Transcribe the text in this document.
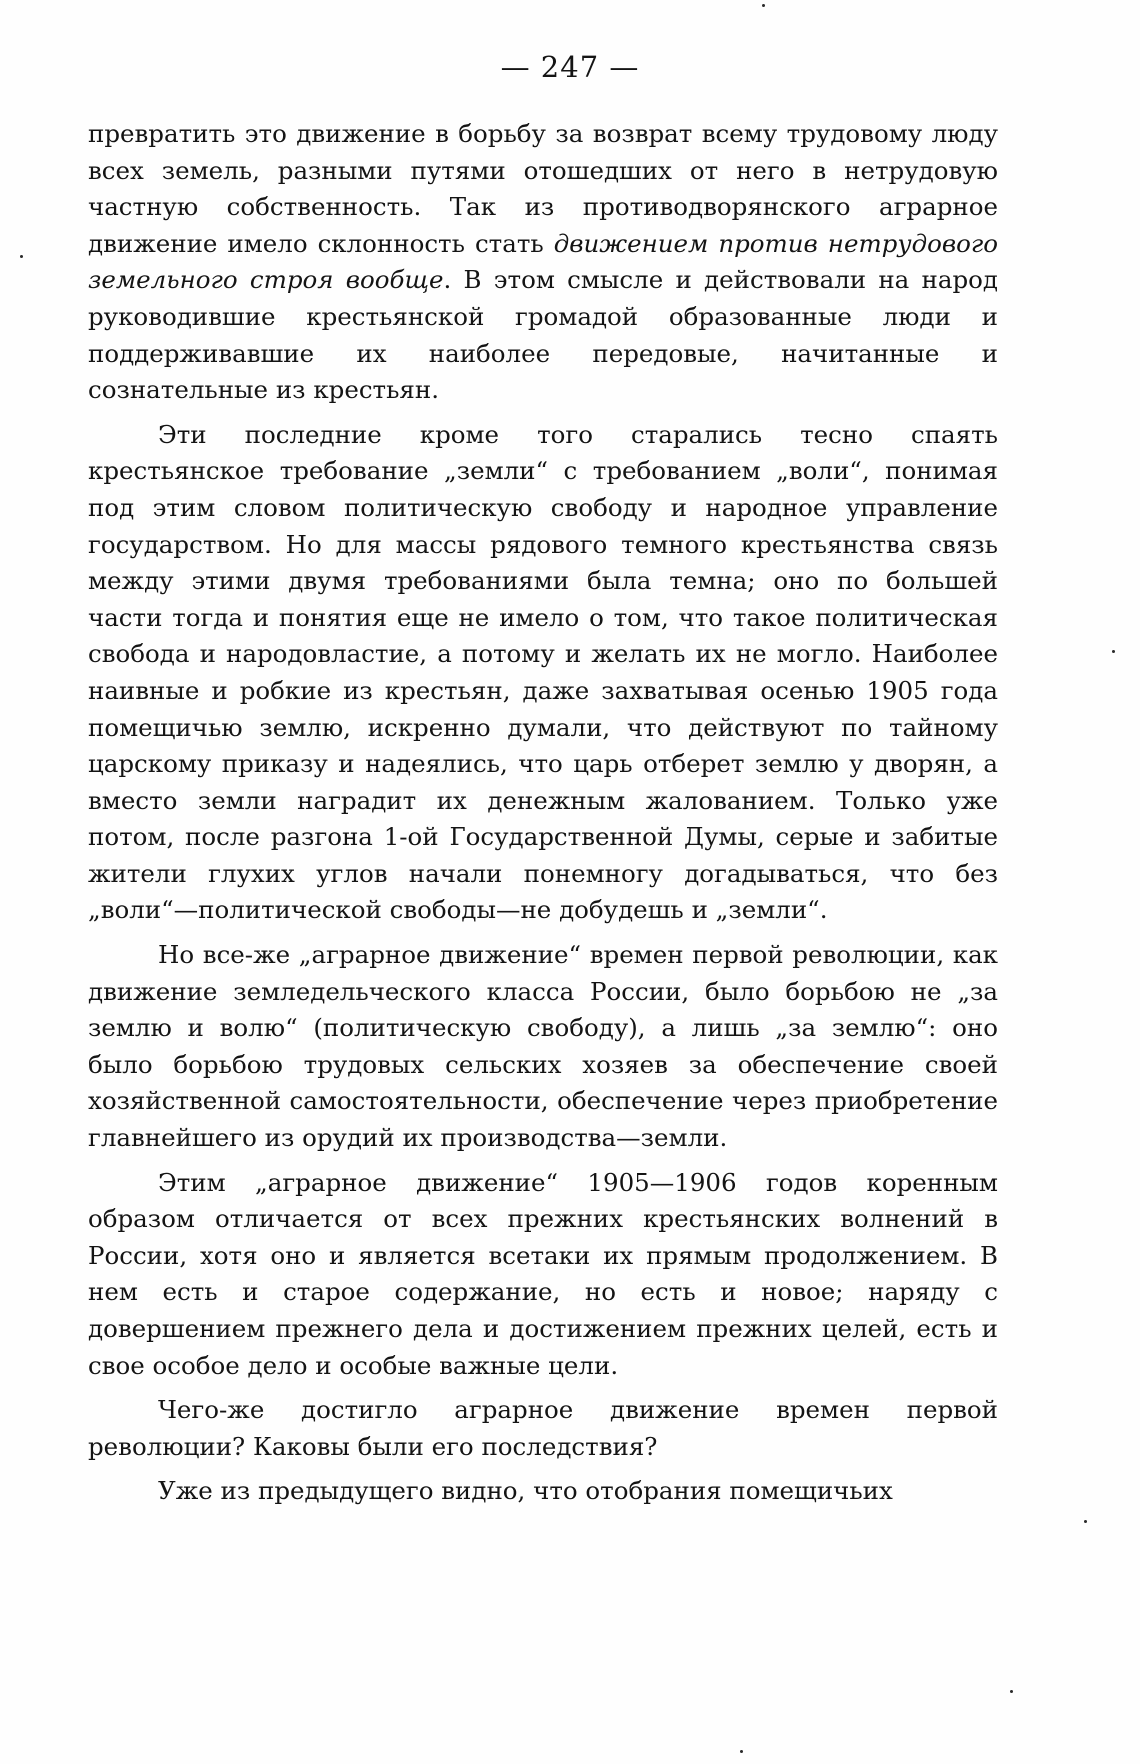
— 247 —

превратить это движение в борьбу за возврат всему трудовому люду всех земель, разными путями отошедших от него в нетрудовую частную собственность. Так из противодворянского аграрное движение имело склонность стать движением против нетрудового земельного строя вообще. В этом смысле и действовали на народ руководившие крестьянской громадой образованные люди и поддерживавшие их наиболее передовые, начитанные и сознательные из крестьян.

Эти последние кроме того старались тесно спаять крестьянское требование „земли“ с требованием „воли“, понимая под этим словом политическую свободу и народное управление государством. Но для массы рядового темного крестьянства связь между этими двумя требованиями была темна; оно по большей части тогда и понятия еще не имело о том, что такое политическая свобода и народовластие, а потому и желать их не могло. Наиболее наивные и робкие из крестьян, даже захватывая осенью 1905 года помещичью землю, искренно думали, что действуют по тайному царскому приказу и надеялись, что царь отберет землю у дворян, а вместо земли наградит их денежным жалованием. Только уже потом, после разгона 1-ой Государственной Думы, серые и забитые жители глухих углов начали понемногу догадываться, что без „воли“—политической свободы—не добудешь и „земли“.

Но все-же „аграрное движение“ времен первой революции, как движение земледельческого класса России, было борьбою не „за землю и волю“ (политическую свободу), а лишь „за землю“: оно было борьбою трудовых сельских хозяев за обеспечение своей хозяйственной самостоятельности, обеспечение через приобретение главнейшего из орудий их производства—земли.

Этим „аграрное движение“ 1905—1906 годов коренным образом отличается от всех прежних крестьянских волнений в России, хотя оно и является всетаки их прямым продолжением. В нем есть и старое содержание, но есть и новое; наряду с довершением прежнего дела и достижением прежних целей, есть и свое особое дело и особые важные цели.

Чего-же достигло аграрное движение времен первой революции? Каковы были его последствия?

Уже из предыдущего видно, что отобрания помещичьих
